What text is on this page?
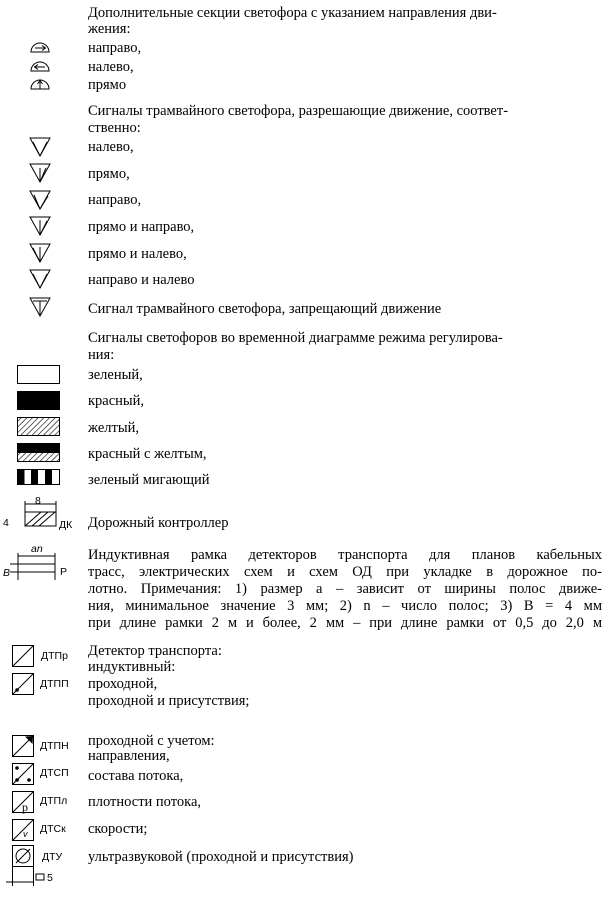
Дополнительные секции светофора с указанием направления дви-
жения:
направо,
налево,
прямо
Сигналы трамвайного светофора, разрешающие движение, соответ-
ственно:
налево,
прямо,
направо,
прямо и направо,
прямо и налево,
направо и налево
Сигнал трамвайного светофора, запрещающий движение
Сигналы светофоров во временной диаграмме режима регулирова-
ния:
зеленый,
красный,
желтый,
красный с желтым,
зеленый мигающий
8
4	ДК Дорожный контроллер
an
B	Р
Индуктивная рамка детекторов транспорта для планов кабельных
трасс, электрических схем и схем ОД при укладке в дорожное по-
лотно. Примечания: 1) размер a – зависит от ширины полос движе-
ния, минимальное значение 3 мм; 2) n – число полос; 3) B = 4 мм
при длине рамки 2 м и более, 2 мм – при длине рамки от 0,5 до 2,0 м
Детектор транспорта:
индуктивный:
проходной,
проходной и присутствия;
ДТПр
ДТПП
проходной с учетом:
направления,
ДТПН
состава потока,
ДТСП
плотности потока,
p ДТПл
скорости;
v ДТСк
ультразвуковой (проходной и присутствия)
ДТУ
5
